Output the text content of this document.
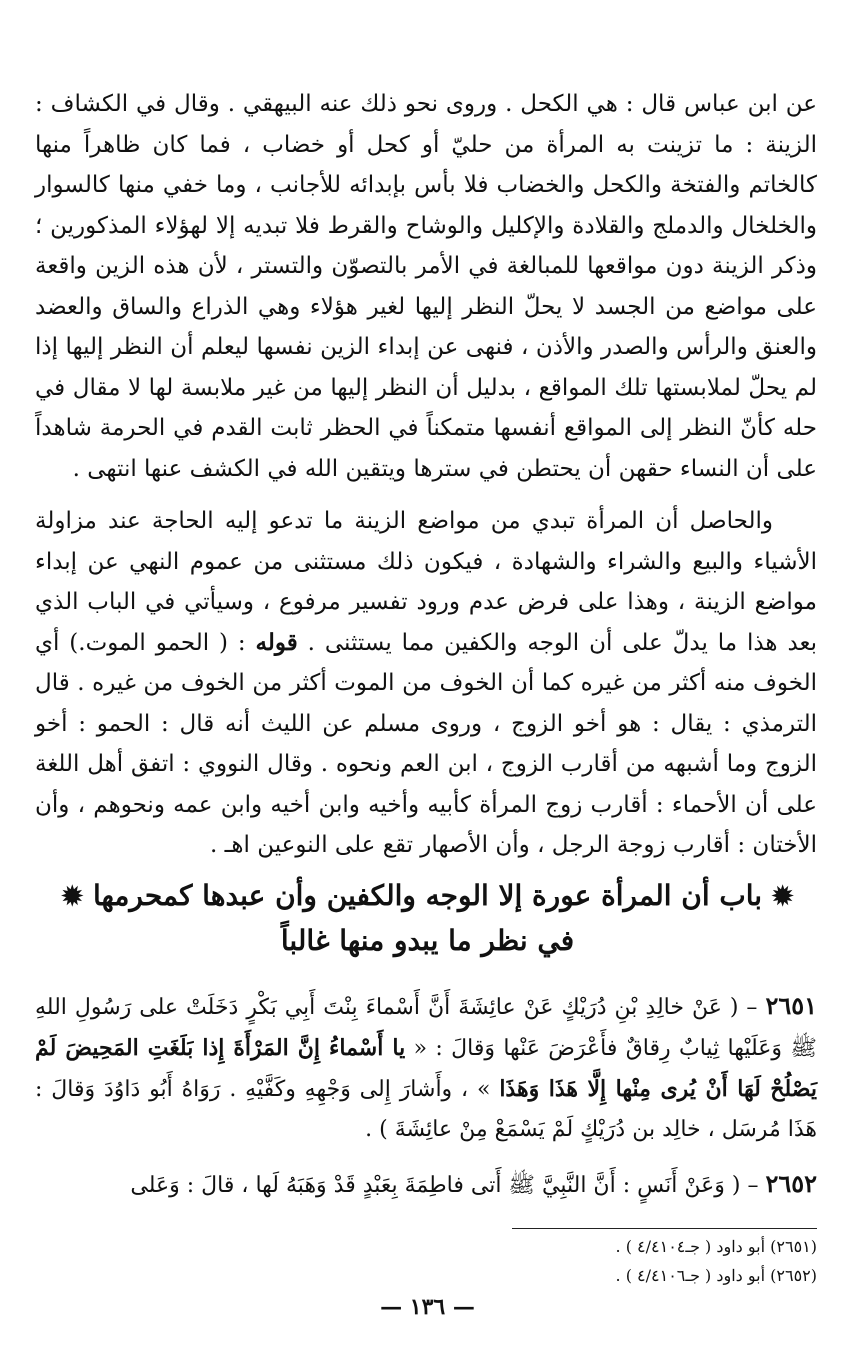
عن ابن عباس قال : هي الكحل . وروى نحو ذلك عنه البيهقي . وقال في الكشاف : الزينة : ما تزينت به المرأة من حليّ أو كحل أو خضاب ، فما كان ظاهراً منها كالخاتم والفتخة والكحل والخضاب فلا بأس بإبدائه للأجانب ، وما خفي منها كالسوار والخلخال والدملج والقلادة والإكليل والوشاح والقرط فلا تبديه إلا لهؤلاء المذكورين ؛ وذكر الزينة دون مواقعها للمبالغة في الأمر بالتصوّن والتستر ، لأن هذه الزين واقعة على مواضع من الجسد لا يحلّ النظر إليها لغير هؤلاء وهي الذراع والساق والعضد والعنق والرأس والصدر والأذن ، فنهى عن إبداء الزين نفسها ليعلم أن النظر إليها إذا لم يحلّ لملابستها تلك المواقع ، بدليل أن النظر إليها من غير ملابسة لها لا مقال في حله كأنّ النظر إلى المواقع أنفسها متمكناً في الحظر ثابت القدم في الحرمة شاهداً على أن النساء حقهن أن يحتطن في سترها ويتقين الله في الكشف عنها انتهى .

والحاصل أن المرأة تبدي من مواضع الزينة ما تدعو إليه الحاجة عند مزاولة الأشياء والبيع والشراء والشهادة ، فيكون ذلك مستثنى من عموم النهي عن إبداء مواضع الزينة ، وهذا على فرض عدم ورود تفسير مرفوع ، وسيأتي في الباب الذي بعد هذا ما يدلّ على أن الوجه والكفين مما يستثنى . قوله : ( الحمو الموت.) أي الخوف منه أكثر من غيره كما أن الخوف من الموت أكثر من الخوف من غيره . قال الترمذي : يقال : هو أخو الزوج ، وروى مسلم عن الليث أنه قال : الحمو : أخو الزوج وما أشبهه من أقارب الزوج ، ابن العم ونحوه . وقال النووي : اتفق أهل اللغة على أن الأحماء : أقارب زوج المرأة كأبيه وأخيه وابن أخيه وابن عمه ونحوهم ، وأن الأختان : أقارب زوجة الرجل ، وأن الأصهار تقع على النوعين اهـ .

✹ باب أن المرأة عورة إلا الوجه والكفين وأن عبدها كمحرمها ✹
في نظر ما يبدو منها غالباً
٢٦٥١ – ( عَنْ خالِدِ بْنِ دُرَيْكٍ عَنْ عائِشَةَ أَنَّ أَسْماءَ بِنْتَ أَبِي بَكْرٍ دَخَلَتْ على رَسُولِ اللهِ ﷺ وَعَلَيْها ثِيابٌ رِقاقٌ فأَعْرَضَ عَنْها وَقالَ : « يا أَسْماءُ إِنَّ المَرْأَةَ إِذا بَلَغَتِ المَحِيضَ لَمْ يَصْلُحْ لَهَا أَنْ يُرى مِنْها إِلَّا هَذَا وَهَذَا » ، وأَشارَ إِلى وَجْهِهِ وكَفَّيْهِ . رَوَاهُ أَبُو دَاوُدَ وَقالَ : هَذَا مُرسَل ، خالِد بن دُرَيْكٍ لَمْ يَسْمَعْ مِنْ عائِشَةَ ) .
٢٦٥٢ – ( وَعَنْ أَنَسٍ : أَنَّ النَّبِيَّ ﷺ أَتى فاطِمَةَ بِعَبْدٍ قَدْ وَهَبَهُ لَها ، قالَ : وَعَلى
(٢٦٥١) أبو داود ( جـ٤/٤١٠٤ ) .
(٢٦٥٢) أبو داود ( جـ٤/٤١٠٦ ) .
— ١٣٦ —
